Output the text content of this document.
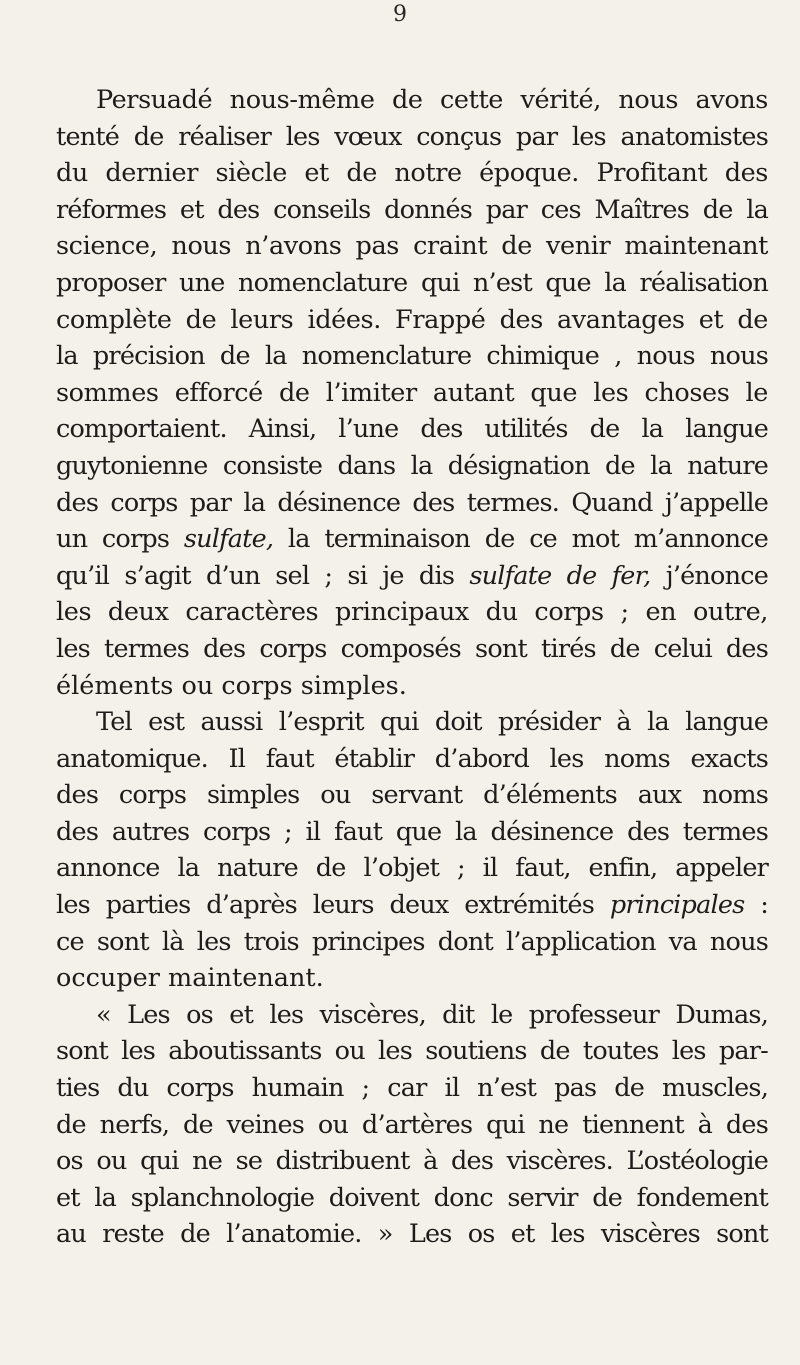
9
Persuadé nous-même de cette vérité, nous avons
tenté de réaliser les vœux conçus par les anatomistes
du dernier siècle et de notre époque. Profitant des
réformes et des conseils donnés par ces Maîtres de la
science, nous n’avons pas craint de venir maintenant
proposer une nomenclature qui n’est que la réalisation
complète de leurs idées. Frappé des avantages et de
la précision de la nomenclature chimique , nous nous
sommes efforcé de l’imiter autant que les choses le
comportaient. Ainsi, l’une des utilités de la langue
guytonienne consiste dans la désignation de la nature
des corps par la désinence des termes. Quand j’appelle
un corps sulfate, la terminaison de ce mot m’annonce
qu’il s’agit d’un sel ; si je dis sulfate de fer, j’énonce
les deux caractères principaux du corps ; en outre,
les termes des corps composés sont tirés de celui des
éléments ou corps simples.
Tel est aussi l’esprit qui doit présider à la langue
anatomique. Il faut établir d’abord les noms exacts
des corps simples ou servant d’éléments aux noms
des autres corps ; il faut que la désinence des termes
annonce la nature de l’objet ; il faut, enfin, appeler
les parties d’après leurs deux extrémités principales :
ce sont là les trois principes dont l’application va nous
occuper maintenant.
« Les os et les viscères, dit le professeur Dumas,
sont les aboutissants ou les soutiens de toutes les par-
ties du corps humain ; car il n’est pas de muscles,
de nerfs, de veines ou d’artères qui ne tiennent à des
os ou qui ne se distribuent à des viscères. L’ostéologie
et la splanchnologie doivent donc servir de fondement
au reste de l’anatomie. » Les os et les viscères sont
